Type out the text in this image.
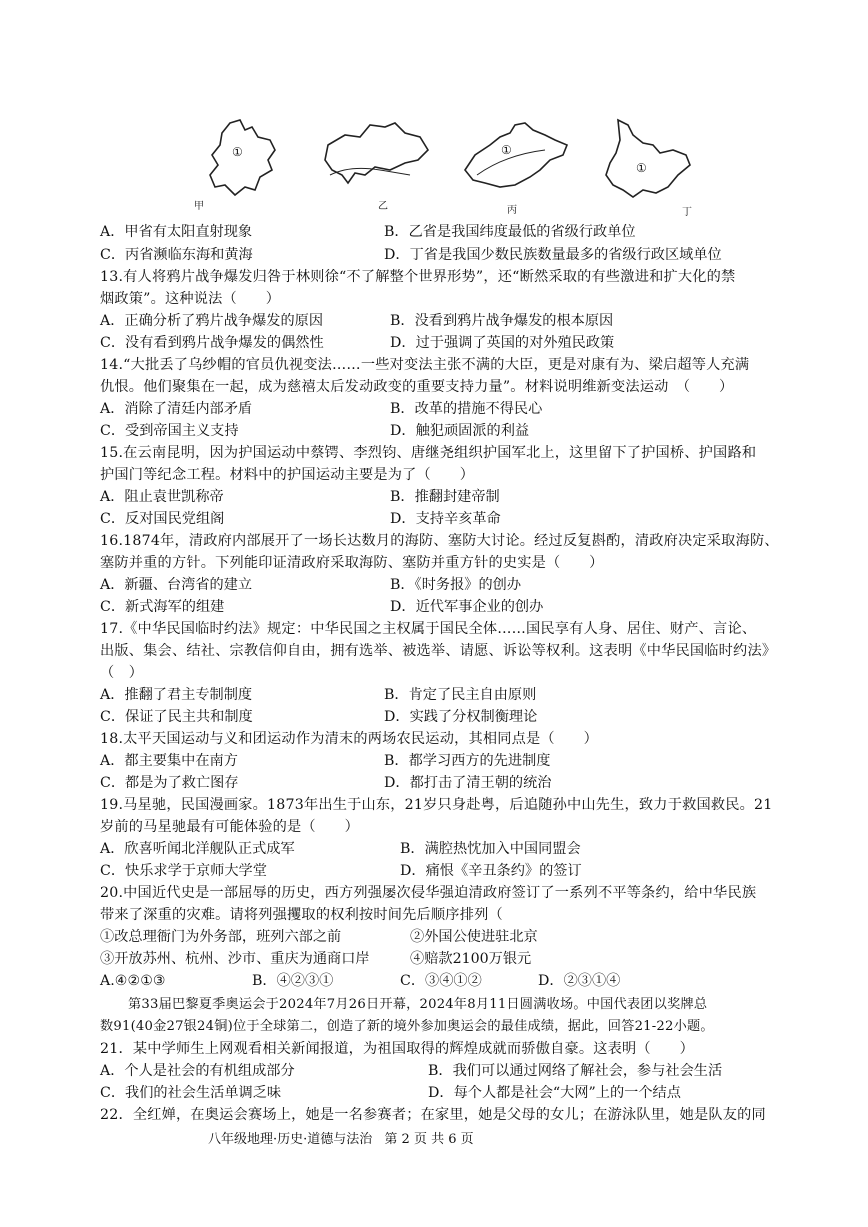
①
甲	乙
①
丙
①
丁
A．甲省有太阳直射现象	B．乙省是我国纬度最低的省级行政单位
C．丙省濒临东海和黄海	D．丁省是我国少数民族数量最多的省级行政区域单位
13.有人将鸦片战争爆发归咎于林则徐“不了解整个世界形势”，还“断然采取的有些激进和扩大化的禁
烟政策”。这种说法（　　）
A．正确分析了鸦片战争爆发的原因	B．没看到鸦片战争爆发的根本原因
C．没有看到鸦片战争爆发的偶然性	D．过于强调了英国的对外殖民政策
14.“大批丢了乌纱帽的官员仇视变法……一些对变法主张不满的大臣，更是对康有为、梁启超等人充满
仇恨。他们聚集在一起，成为慈禧太后发动政变的重要支持力量”。材料说明维新变法运动　（　　）
A．消除了清廷内部矛盾	B．改革的措施不得民心
C．受到帝国主义支持	D．触犯顽固派的利益
15.在云南昆明，因为护国运动中蔡锷、李烈钧、唐继尧组织护国军北上，这里留下了护国桥、护国路和
护国门等纪念工程。材料中的护国运动主要是为了（　　）
A．阻止袁世凯称帝	B．推翻封建帝制
C．反对国民党组阁	D．支持辛亥革命
16.1874年，清政府内部展开了一场长达数月的海防、塞防大讨论。经过反复斟酌，清政府决定采取海防、
塞防并重的方针。下列能印证清政府采取海防、塞防并重方针的史实是（　　）
A．新疆、台湾省的建立	B．《时务报》的创办
C．新式海军的组建	D．近代军事企业的创办
17.《中华民国临时约法》规定：中华民国之主权属于国民全体……国民享有人身、居住、财产、言论、
出版、集会、结社、宗教信仰自由，拥有选举、被选举、请愿、诉讼等权利。这表明《中华民国临时约法》
（　）
A．推翻了君主专制制度	B．肯定了民主自由原则
C．保证了民主共和制度	D．实践了分权制衡理论
18.太平天国运动与义和团运动作为清末的两场农民运动，其相同点是（　　）
A．都主要集中在南方	B．都学习西方的先进制度
C．都是为了救亡图存	D．都打击了清王朝的统治
19.马星驰，民国漫画家。1873年出生于山东，21岁只身赴粤，后追随孙中山先生，致力于救国救民。21
岁前的马星驰最有可能体验的是（　　）
A．欣喜听闻北洋舰队正式成军	B．满腔热忱加入中国同盟会
C．快乐求学于京师大学堂	D．痛恨《辛丑条约》的签订
20.中国近代史是一部屈辱的历史，西方列强屡次侵华强迫清政府签订了一系列不平等条约，给中华民族
带来了深重的灾难。请将列强攫取的权利按时间先后顺序排列（
①改总理衙门为外务部，班列六部之前	②外国公使进驻北京
③开放苏州、杭州、沙市、重庆为通商口岸	④赔款2100万银元
A.④②①③	B．④②③①	C．③④①②	D．②③①④
第33届巴黎夏季奥运会于2024年7月26日开幕，2024年8月11日圆满收场。中国代表团以奖牌总
数91(40金27银24铜)位于全球第二，创造了新的境外参加奥运会的最佳成绩，据此，回答21-22小题。
21．某中学师生上网观看相关新闻报道，为祖国取得的辉煌成就而骄傲自豪。这表明（　　）
A．个人是社会的有机组成部分	B．我们可以通过网络了解社会，参与社会生活
C．我们的社会生活单调乏味	D．每个人都是社会“大网”上的一个结点
22．全红婵，在奥运会赛场上，她是一名参赛者；在家里，她是父母的女儿；在游泳队里，她是队友的同
八年级地理·历史·道德与法治 第 2 页 共 6 页
